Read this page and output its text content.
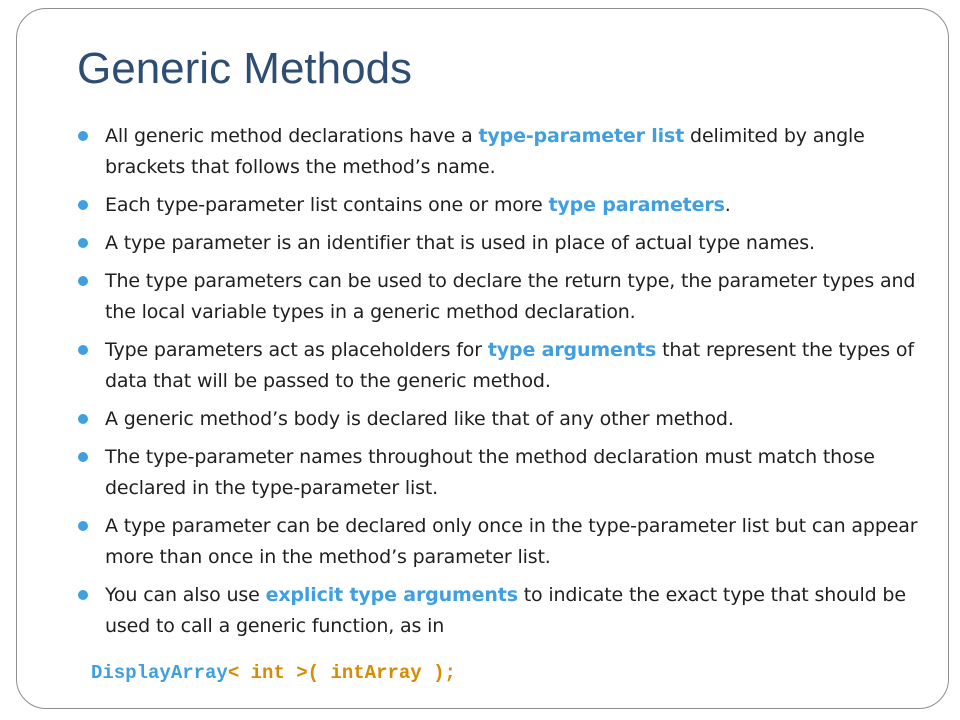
Generic Methods
All generic method declarations have a type-parameter list delimited by angle brackets that follows the method’s name.
Each type-parameter list contains one or more type parameters.
A type parameter is an identifier that is used in place of actual type names.
The type parameters can be used to declare the return type, the parameter types and the local variable types in a generic method declaration.
Type parameters act as placeholders for type arguments that represent the types of data that will be passed to the generic method.
A generic method’s body is declared like that of any other method.
The type-parameter names throughout the method declaration must match those declared in the type-parameter list.
A type parameter can be declared only once in the type-parameter list but can appear more than once in the method’s parameter list.
You can also use explicit type arguments to indicate the exact type that should be used to call a generic function, as in
DisplayArray< int >( intArray );
